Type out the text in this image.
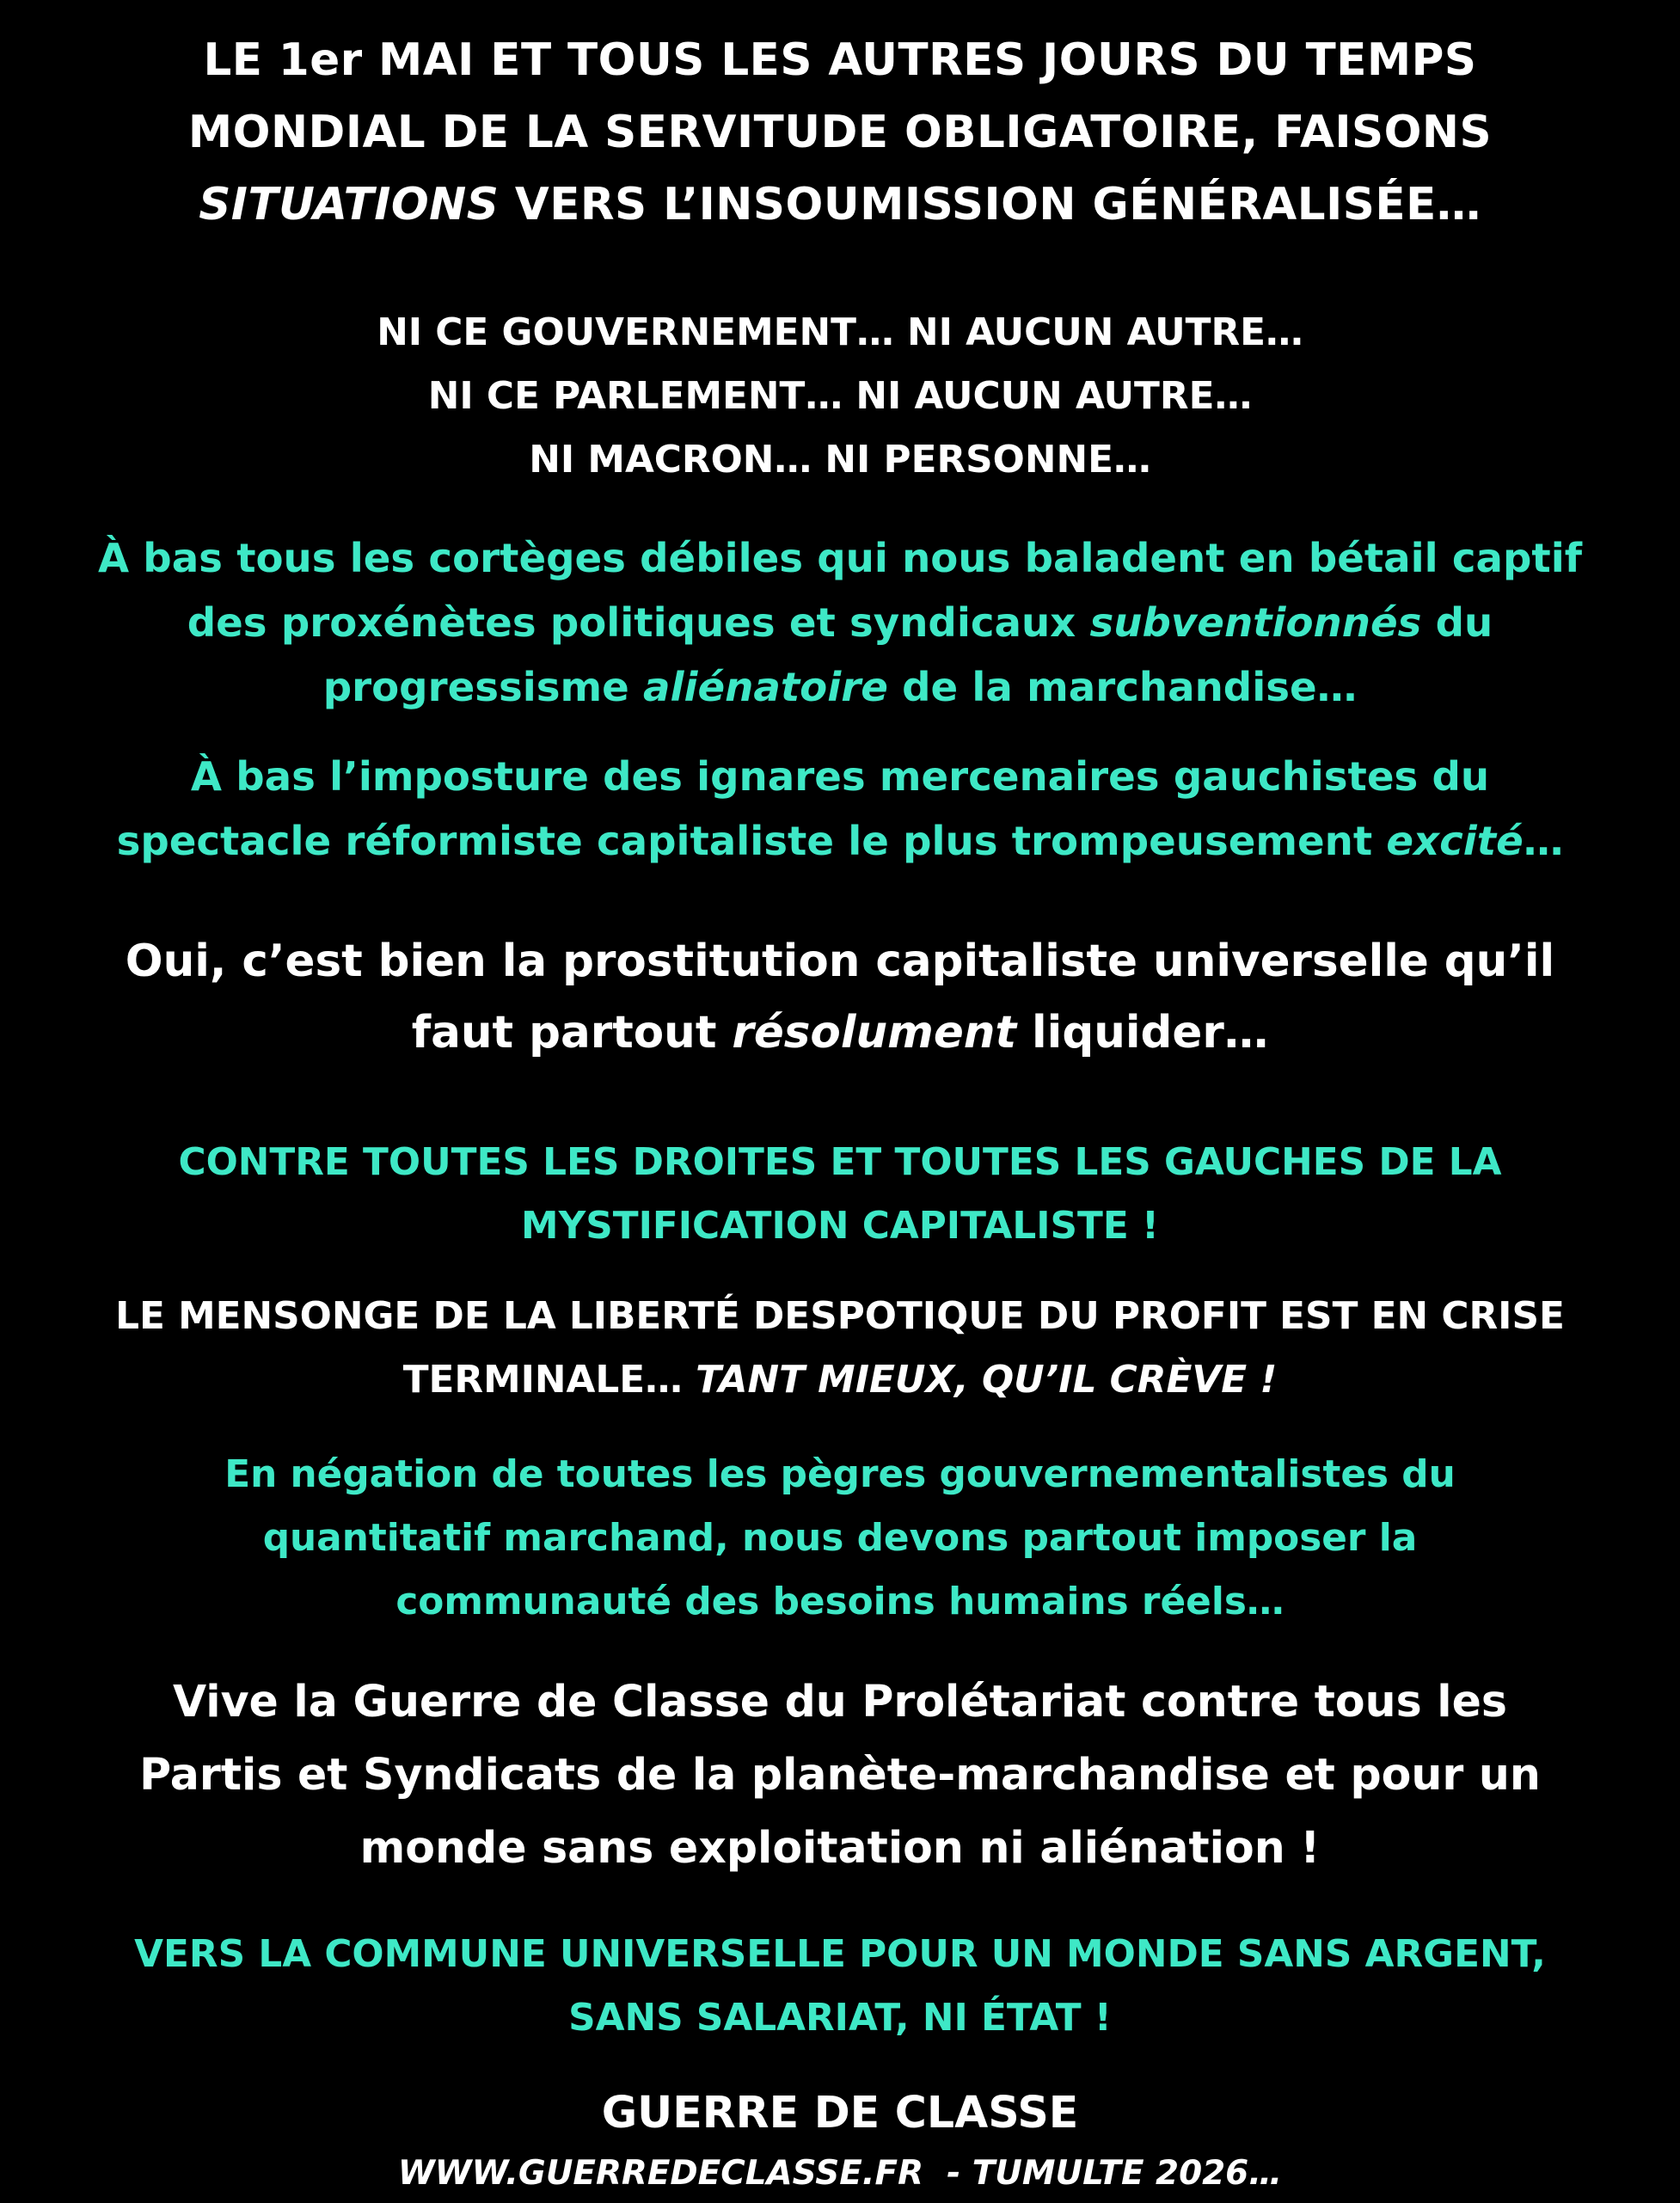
LE 1er MAI ET TOUS LES AUTRES JOURS DU TEMPS
MONDIAL DE LA SERVITUDE OBLIGATOIRE, FAISONS
SITUATIONS VERS L’INSOUMISSION GÉNÉRALISÉE…
NI CE GOUVERNEMENT… NI AUCUN AUTRE…
NI CE PARLEMENT… NI AUCUN AUTRE…
NI MACRON… NI PERSONNE…
À bas tous les cortèges débiles qui nous baladent en bétail captif
des proxénètes politiques et syndicaux subventionnés du
progressisme aliénatoire de la marchandise…
À bas l’imposture des ignares mercenaires gauchistes du
spectacle réformiste capitaliste le plus trompeusement excité…
Oui, c’est bien la prostitution capitaliste universelle qu’il
faut partout résolument liquider…
CONTRE TOUTES LES DROITES ET TOUTES LES GAUCHES DE LA
MYSTIFICATION CAPITALISTE !
LE MENSONGE DE LA LIBERTÉ DESPOTIQUE DU PROFIT EST EN CRISE
TERMINALE… TANT MIEUX, QU’IL CRÈVE !
En négation de toutes les pègres gouvernementalistes du
quantitatif marchand, nous devons partout imposer la
communauté des besoins humains réels…
Vive la Guerre de Classe du Prolétariat contre tous les
Partis et Syndicats de la planète-marchandise et pour un
monde sans exploitation ni aliénation !
VERS LA COMMUNE UNIVERSELLE POUR UN MONDE SANS ARGENT,
SANS SALARIAT, NI ÉTAT !
GUERRE DE CLASSE
WWW.GUERREDECLASSE.FR  - TUMULTE 2026…
